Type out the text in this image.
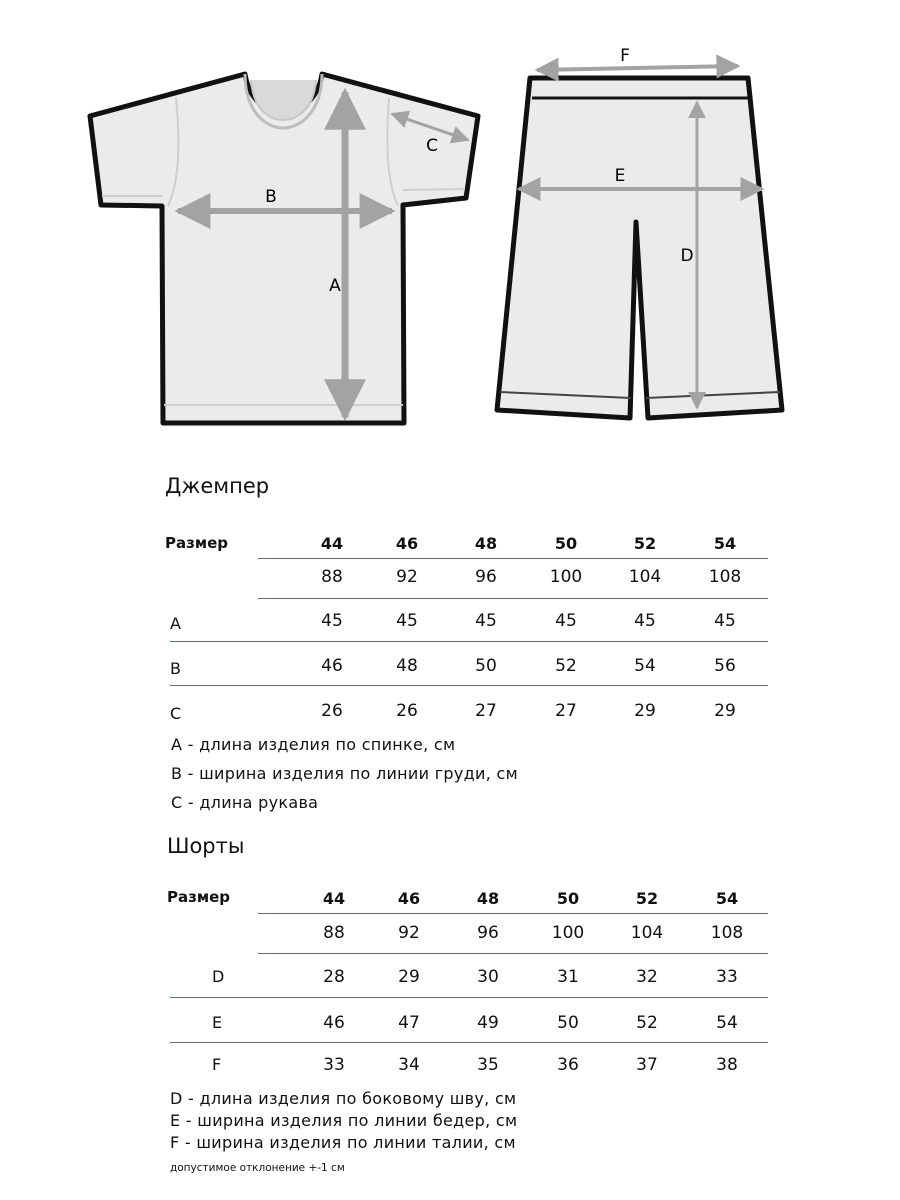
A
B
C
F
E
D
Джемпер
Размер	44	46	48	50	52	54
88	92	96	100	104	108
A	45	45	45	45	45	45
B	46	48	50	52	54	56
C	26	26	27	27	29	29
A - длина изделия по спинке, см
B - ширина изделия по линии груди, см
C - длина рукава
Шорты
Размер	44	46	48	50	52	54
88	92	96	100	104	108
D	28	29	30	31	32	33
E	46	47	49	50	52	54
F	33	34	35	36	37	38
D - длина изделия по боковому шву, см
E - ширина изделия по линии бедер, см
F - ширина изделия по линии талии, см
допустимое отклонение +-1 см
